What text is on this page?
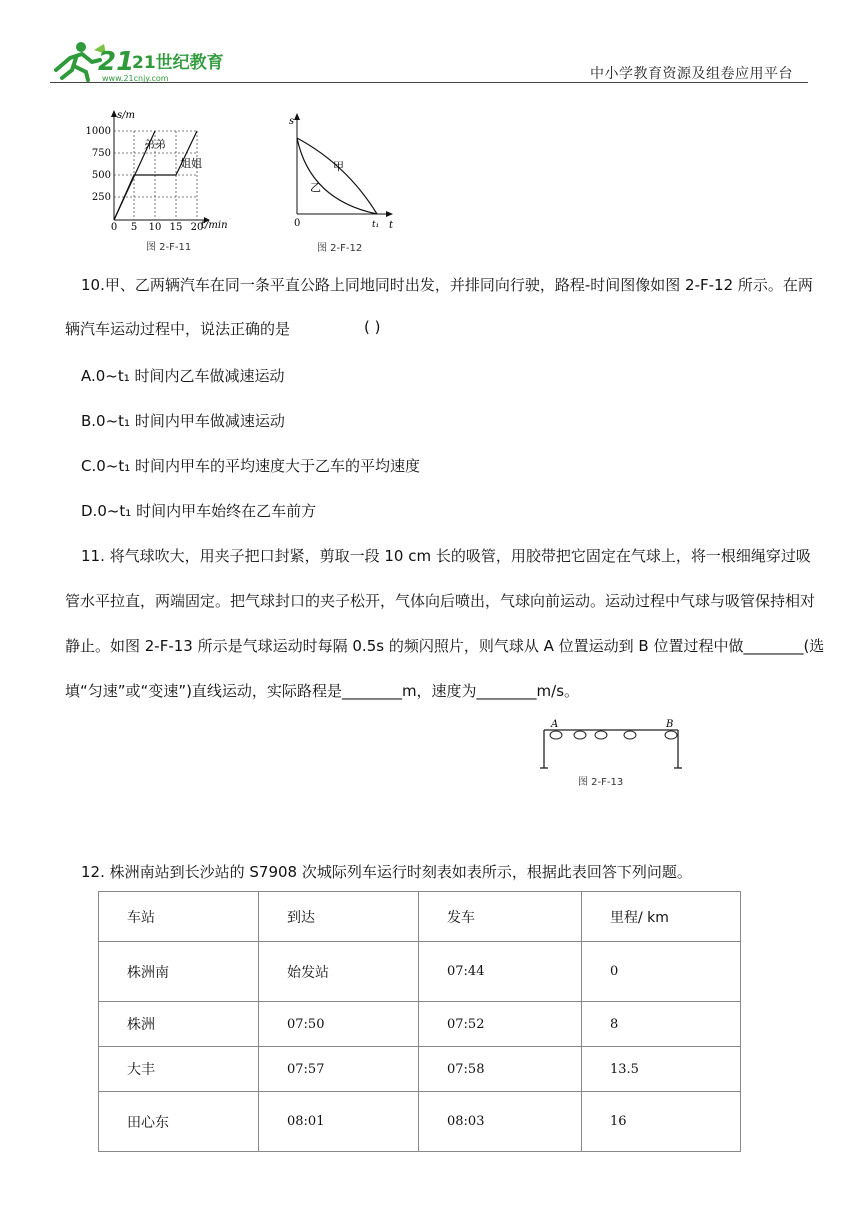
21
21世纪教育
www.21cnjy.com	中小学教育资源及组卷应用平台
s/m
t/min
1000
750
500
250
0 5 10 15 20
弟弟
姐姐
图 2-F-11
s
t
0	t₁
甲
乙
图 2-F-12
10.甲、乙两辆汽车在同一条平直公路上同地同时出发，并排同向行驶，路程-时间图像如图 2-F-12 所示。在两
辆汽车运动过程中，说法正确的是	( )
A.0~t₁ 时间内乙车做减速运动
B.0~t₁ 时间内甲车做减速运动
C.0~t₁ 时间内甲车的平均速度大于乙车的平均速度
D.0~t₁ 时间内甲车始终在乙车前方
11. 将气球吹大，用夹子把口封紧，剪取一段 10 cm 长的吸管，用胶带把它固定在气球上，将一根细绳穿过吸
管水平拉直，两端固定。把气球封口的夹子松开，气体向后喷出，气球向前运动。运动过程中气球与吸管保持相对
静止。如图 2-F-13 所示是气球运动时每隔 0.5s 的频闪照片，则气球从 A 位置运动到 B 位置过程中做________(选
填“匀速”或“变速”)直线运动，实际路程是________m，速度为________m/s。
A	B
图 2-F-13
12. 株洲南站到长沙站的 S7908 次城际列车运行时刻表如表所示，根据此表回答下列问题。
车站	到达	发车	里程/ km
株洲南	始发站	07:44	0
株洲	07:50	07:52	8
大丰	07:57	07:58	13.5
田心东	08:01	08:03	16
